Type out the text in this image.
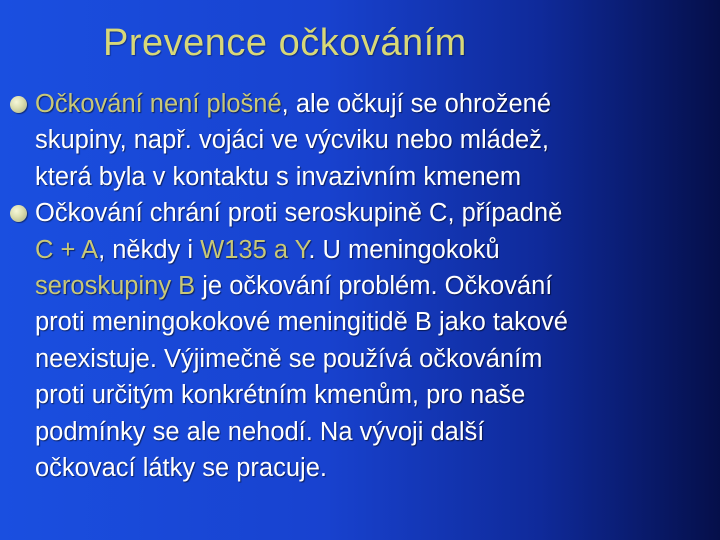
Prevence očkováním

Očkování není plošné, ale očkují se ohrožené

skupiny, např. vojáci ve výcviku nebo mládež,

která byla v kontaktu s invazivním kmenem

Očkování chrání proti seroskupině C, případně

C + A, někdy i W135 a Y. U meningokoků

seroskupiny B je očkování problém. Očkování

proti meningokokové meningitidě B jako takové

neexistuje. Výjimečně se používá očkováním

proti určitým konkrétním kmenům, pro naše

podmínky se ale nehodí. Na vývoji další

očkovací látky se pracuje.
